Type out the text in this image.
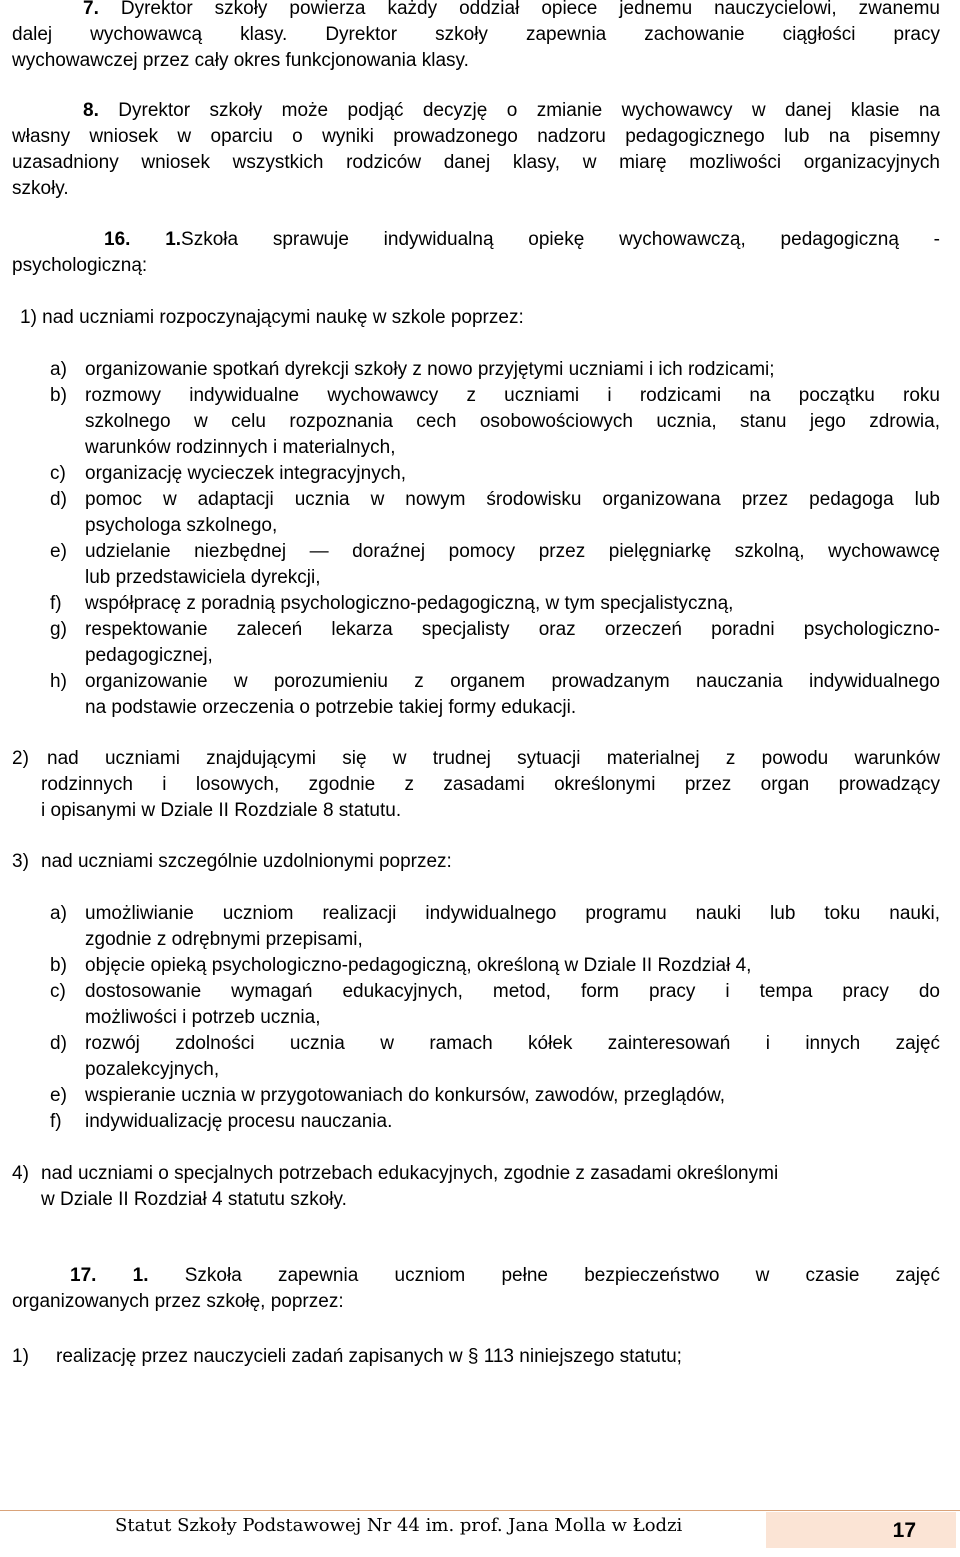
7. Dyrektor szkoły powierza każdy oddział opiece jednemu nauczycielowi, zwanemu
dalej wychowawcą klasy. Dyrektor szkoły zapewnia zachowanie ciągłości pracy
wychowawczej przez cały okres funkcjonowania klasy.
8. Dyrektor szkoły może podjąć decyzję o zmianie wychowawcy w danej klasie na
własny wniosek w oparciu o wyniki prowadzonego nadzoru pedagogicznego lub na pisemny
uzasadniony wniosek wszystkich rodziców danej klasy, w miarę mozliwości organizacyjnych
szkoły.
16. 1.Szkoła sprawuje indywidualną opiekę wychowawczą, pedagogiczną -
psychologiczną:
1) nad uczniami rozpoczynającymi naukę w szkole poprzez:
a) organizowanie spotkań dyrekcji szkoły z nowo przyjętymi uczniami i ich rodzicami;
b) rozmowy indywidualne wychowawcy z uczniami i rodzicami na początku roku
szkolnego w celu rozpoznania cech osobowościowych ucznia, stanu jego zdrowia,
warunków rodzinnych i materialnych,
c) organizację wycieczek integracyjnych,
d) pomoc w adaptacji ucznia w nowym środowisku organizowana przez pedagoga lub
psychologa szkolnego,
e) udzielanie niezbędnej ― doraźnej pomocy przez pielęgniarkę szkolną, wychowawcę
lub przedstawiciela dyrekcji,
f) współpracę z poradnią psychologiczno-pedagogiczną, w tym specjalistyczną,
g) respektowanie zaleceń lekarza specjalisty oraz orzeczeń poradni psychologiczno-
pedagogicznej,
h) organizowanie w porozumieniu z organem prowadzanym nauczania indywidualnego
na podstawie orzeczenia o potrzebie takiej formy edukacji.
2) nad uczniami znajdującymi się w trudnej sytuacji materialnej z powodu warunków
rodzinnych i losowych, zgodnie z zasadami określonymi przez organ prowadzący
i opisanymi w Dziale II Rozdziale 8 statutu.
3) nad uczniami szczególnie uzdolnionymi poprzez:
a) umożliwianie uczniom realizacji indywidualnego programu nauki lub toku nauki,
zgodnie z odrębnymi przepisami,
b) objęcie opieką psychologiczno-pedagogiczną, określoną w Dziale II Rozdział 4,
c) dostosowanie wymagań edukacyjnych, metod, form pracy i tempa pracy do
możliwości i potrzeb ucznia,
d) rozwój zdolności ucznia w ramach kółek zainteresowań i innych zajęć
pozalekcyjnych,
e) wspieranie ucznia w przygotowaniach do konkursów, zawodów, przeglądów,
f) indywidualizację procesu nauczania.
4) nad uczniami o specjalnych potrzebach edukacyjnych, zgodnie z zasadami określonymi
w Dziale II Rozdział 4 statutu szkoły.
17. 1. Szkoła zapewnia uczniom pełne bezpieczeństwo w czasie zajęć
organizowanych przez szkołę, poprzez:
1) realizację przez nauczycieli zadań zapisanych w § 113 niniejszego statutu;
Statut Szkoły Podstawowej Nr 44 im. prof. Jana Molla w Łodzi	17
